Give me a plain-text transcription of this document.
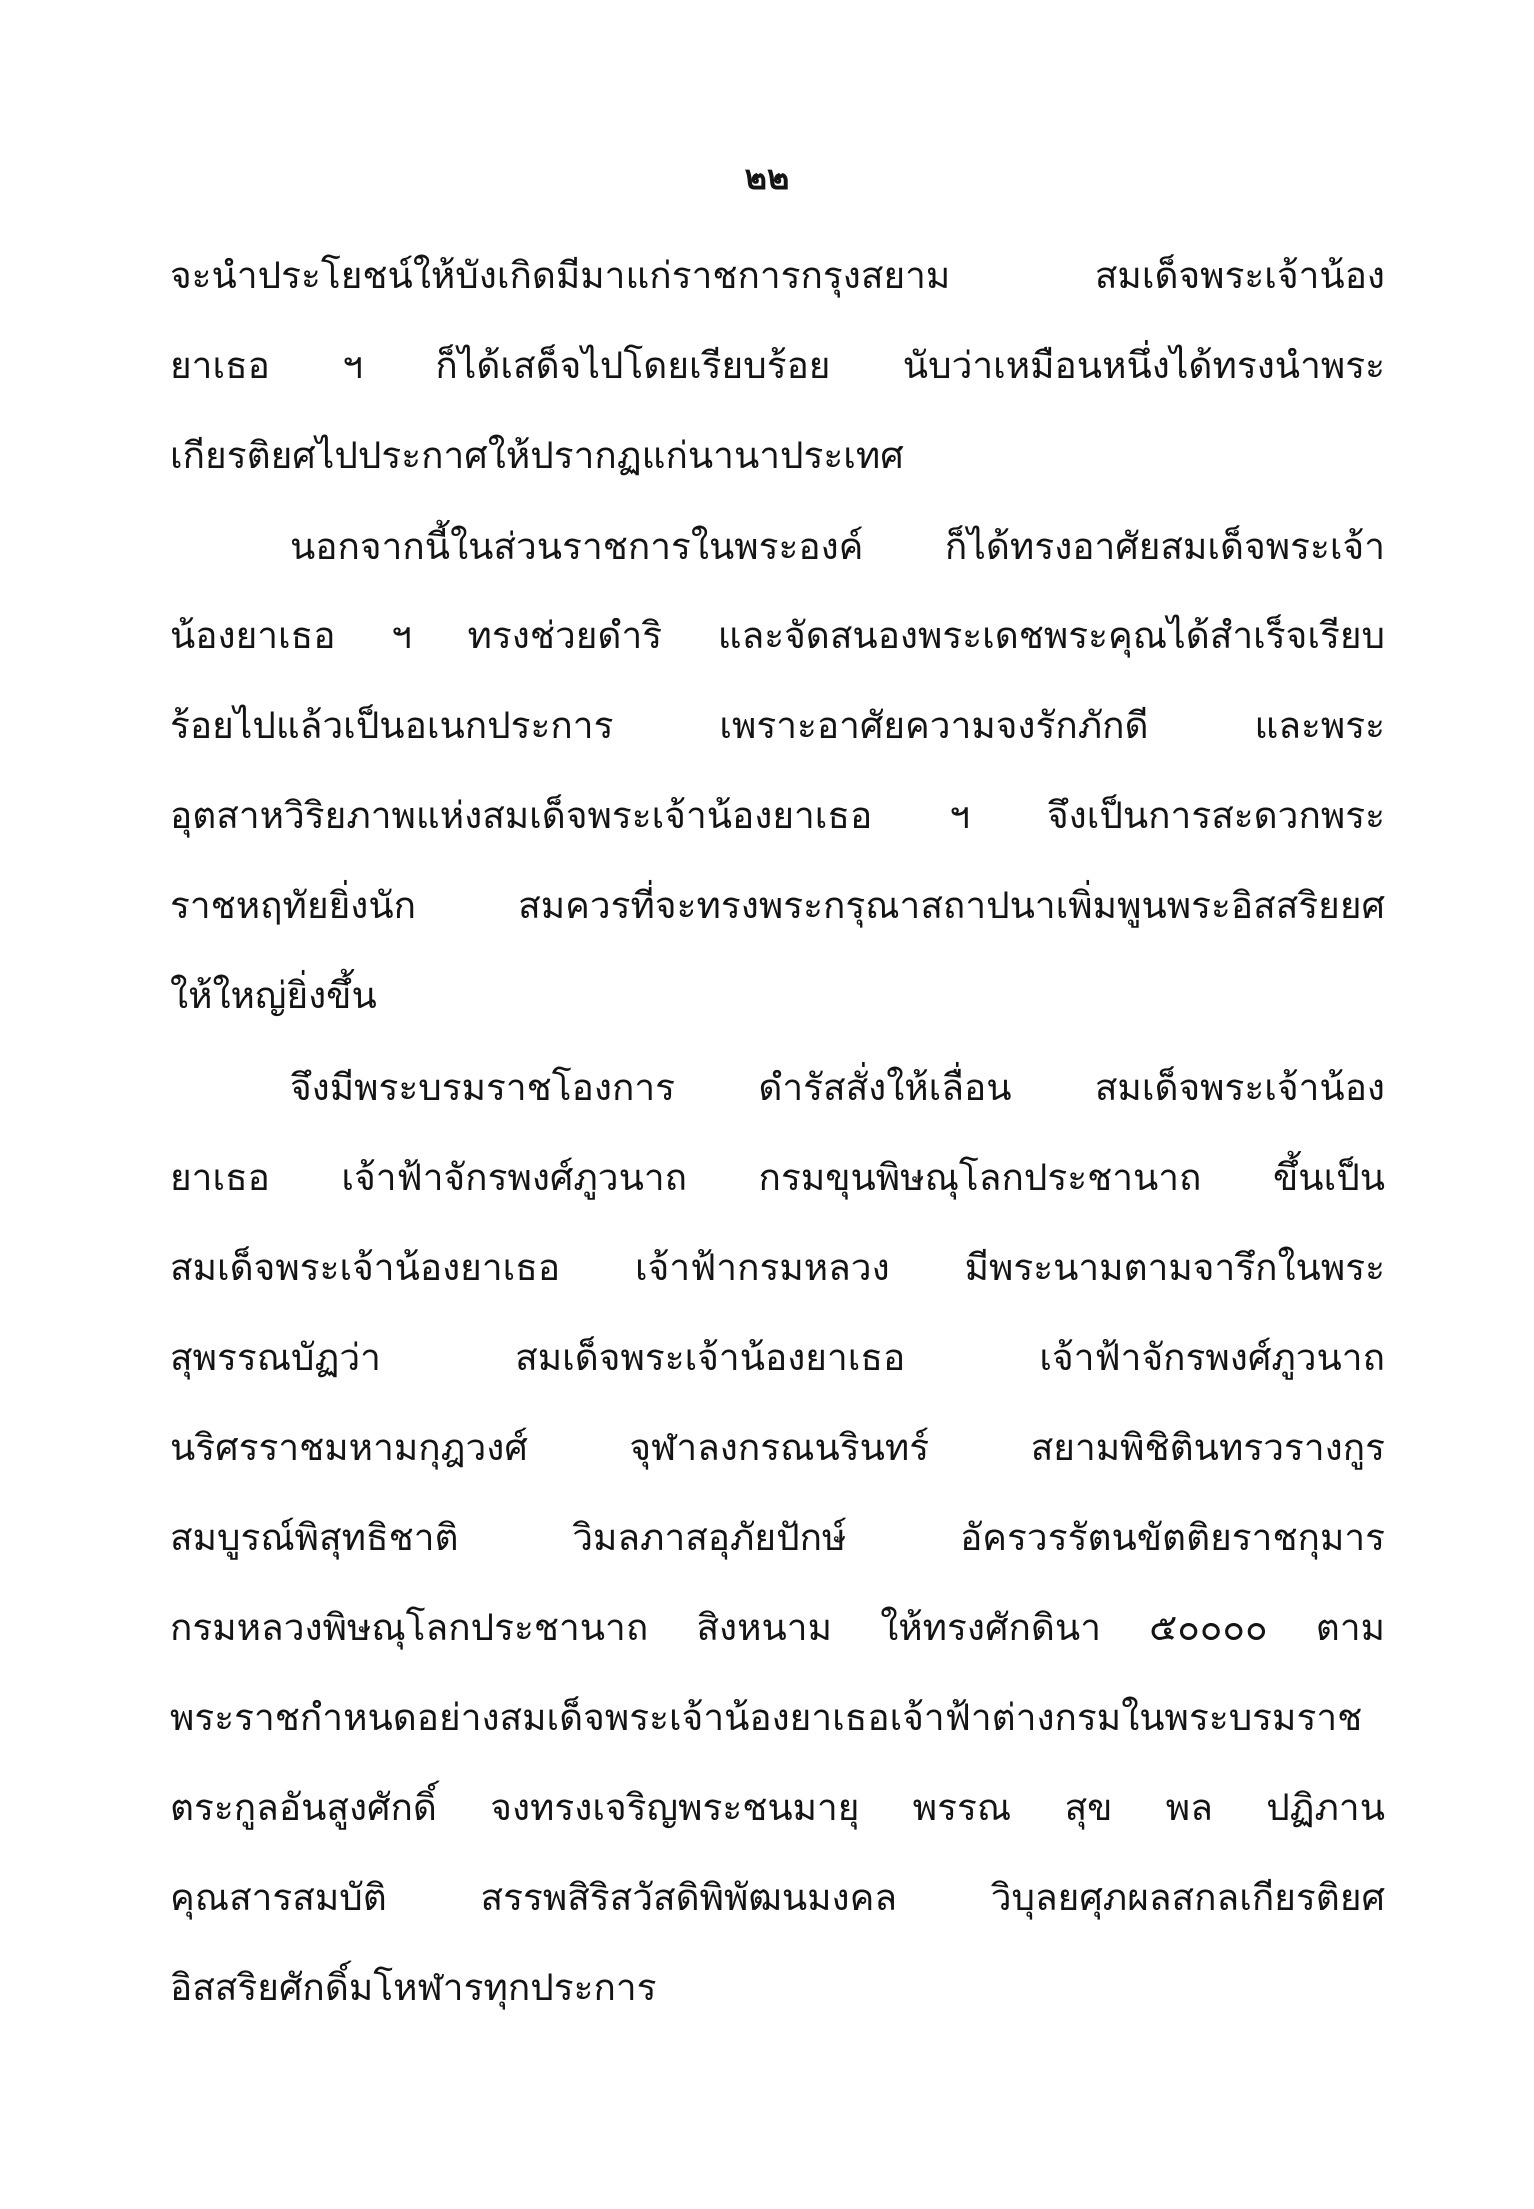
๒๒
จะนำประโยชน์ให้บังเกิดมีมาแก่ราชการกรุงสยาม สมเด็จพระเจ้าน้อง
ยาเธอ ฯ ก็ได้เสด็จไปโดยเรียบร้อย นับว่าเหมือนหนึ่งได้ทรงนำพระ
เกียรติยศไปประกาศให้ปรากฏแก่นานาประเทศ
นอกจากนี้ในส่วนราชการในพระองค์ ก็ได้ทรงอาศัยสมเด็จพระเจ้า
น้องยาเธอ ฯ ทรงช่วยดำริ และจัดสนองพระเดชพระคุณได้สำเร็จเรียบ
ร้อยไปแล้วเป็นอเนกประการ เพราะอาศัยความจงรักภักดี และพระ
อุตสาหวิริยภาพแห่งสมเด็จพระเจ้าน้องยาเธอ ฯ จึงเป็นการสะดวกพระ
ราชหฤทัยยิ่งนัก สมควรที่จะทรงพระกรุณาสถาปนาเพิ่มพูนพระอิสสริยยศ
ให้ใหญ่ยิ่งขึ้น
จึงมีพระบรมราชโองการ ดำรัสสั่งให้เลื่อน สมเด็จพระเจ้าน้อง
ยาเธอ เจ้าฟ้าจักรพงศ์ภูวนาถ กรมขุนพิษณุโลกประชานาถ ขึ้นเป็น
สมเด็จพระเจ้าน้องยาเธอ เจ้าฟ้ากรมหลวง มีพระนามตามจารึกในพระ
สุพรรณบัฏว่า สมเด็จพระเจ้าน้องยาเธอ เจ้าฟ้าจักรพงศ์ภูวนาถ
นริศรราชมหามกุฎวงศ์ จุฬาลงกรณนรินทร์ สยามพิชิตินทรวรางกูร
สมบูรณ์พิสุทธิชาติ วิมลภาสอุภัยปักษ์ อัครวรรัตนขัตติยราชกุมาร
กรมหลวงพิษณุโลกประชานาถ สิงหนาม ให้ทรงศักดินา ๕๐๐๐๐ ตาม
พระราชกำหนดอย่างสมเด็จพระเจ้าน้องยาเธอเจ้าฟ้าต่างกรมในพระบรมราช
ตระกูลอันสูงศักดิ์ จงทรงเจริญพระชนมายุ พรรณ สุข พล ปฏิภาน
คุณสารสมบัติ สรรพสิริสวัสดิพิพัฒนมงคล วิบุลยศุภผลสกลเกียรติยศ
อิสสริยศักดิ์มโหฬารทุกประการ
